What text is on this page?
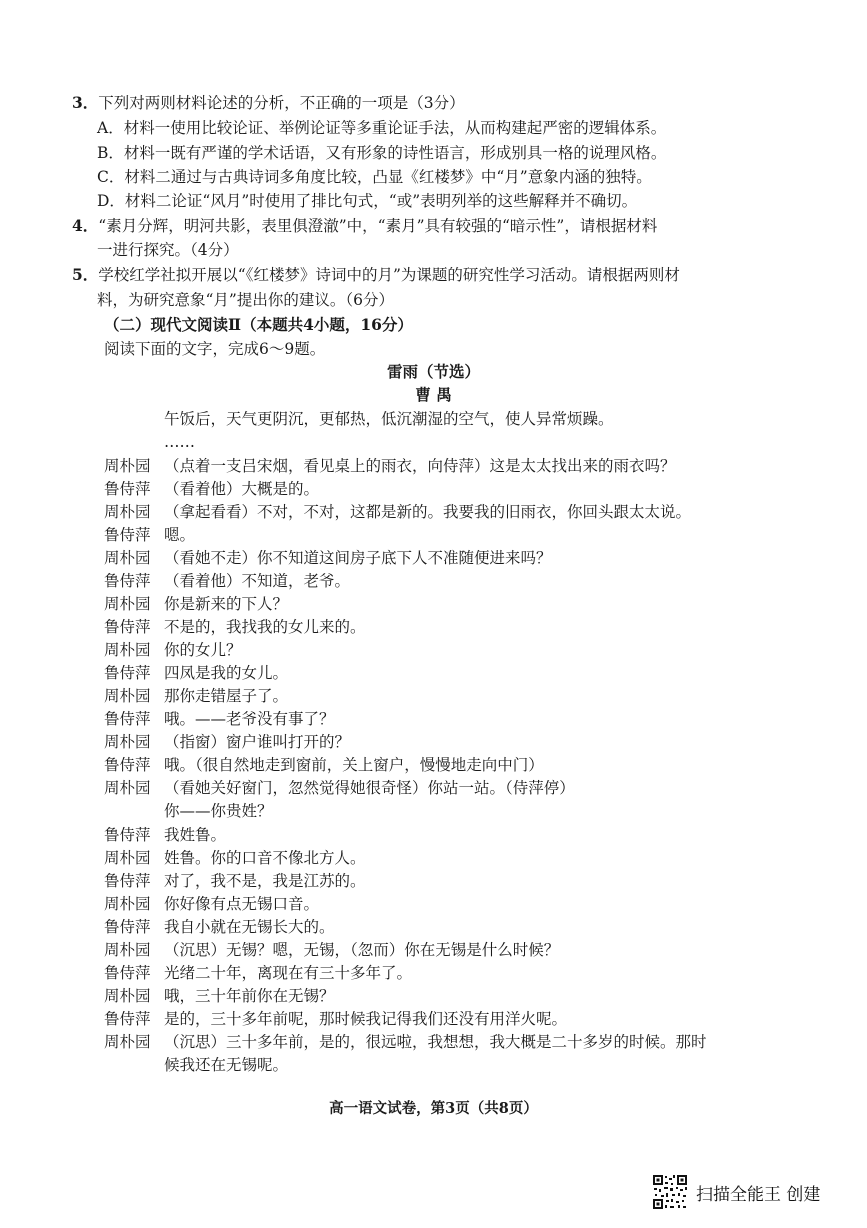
3．下列对两则材料论述的分析，不正确的一项是（3分）
A．材料一使用比较论证、举例论证等多重论证手法，从而构建起严密的逻辑体系。
B．材料一既有严谨的学术话语，又有形象的诗性语言，形成别具一格的说理风格。
C．材料二通过与古典诗词多角度比较，凸显《红楼梦》中“月”意象内涵的独特。
D．材料二论证“风月”时使用了排比句式，“或”表明列举的这些解释并不确切。
4．“素月分辉，明河共影，表里俱澄澈”中，“素月”具有较强的“暗示性”，请根据材料
一进行探究。（4分）
5．学校红学社拟开展以“《红楼梦》诗词中的月”为课题的研究性学习活动。请根据两则材
料，为研究意象“月”提出你的建议。（6分）
（二）现代文阅读Ⅱ（本题共4小题，16分）
阅读下面的文字，完成6～9题。
雷雨（节选）
曹 禺
午饭后，天气更阴沉，更郁热，低沉潮湿的空气，使人异常烦躁。
……
周朴园 （点着一支吕宋烟，看见桌上的雨衣，向侍萍）这是太太找出来的雨衣吗？
鲁侍萍 （看着他）大概是的。
周朴园 （拿起看看）不对，不对，这都是新的。我要我的旧雨衣，你回头跟太太说。
鲁侍萍 嗯。
周朴园 （看她不走）你不知道这间房子底下人不准随便进来吗？
鲁侍萍 （看着他）不知道，老爷。
周朴园 你是新来的下人？
鲁侍萍 不是的，我找我的女儿来的。
周朴园 你的女儿？
鲁侍萍 四凤是我的女儿。
周朴园 那你走错屋子了。
鲁侍萍 哦。——老爷没有事了？
周朴园 （指窗）窗户谁叫打开的？
鲁侍萍 哦。（很自然地走到窗前，关上窗户，慢慢地走向中门）
周朴园 （看她关好窗门，忽然觉得她很奇怪）你站一站。（侍萍停）
你——你贵姓？
鲁侍萍 我姓鲁。
周朴园 姓鲁。你的口音不像北方人。
鲁侍萍 对了，我不是，我是江苏的。
周朴园 你好像有点无锡口音。
鲁侍萍 我自小就在无锡长大的。
周朴园 （沉思）无锡？嗯，无锡，（忽而）你在无锡是什么时候？
鲁侍萍 光绪二十年，离现在有三十多年了。
周朴园 哦，三十年前你在无锡？
鲁侍萍 是的，三十多年前呢，那时候我记得我们还没有用洋火呢。
周朴园 （沉思）三十多年前，是的，很远啦，我想想，我大概是二十多岁的时候。那时
候我还在无锡呢。
高一语文试卷，第3页（共8页）
扫描全能王 创建
